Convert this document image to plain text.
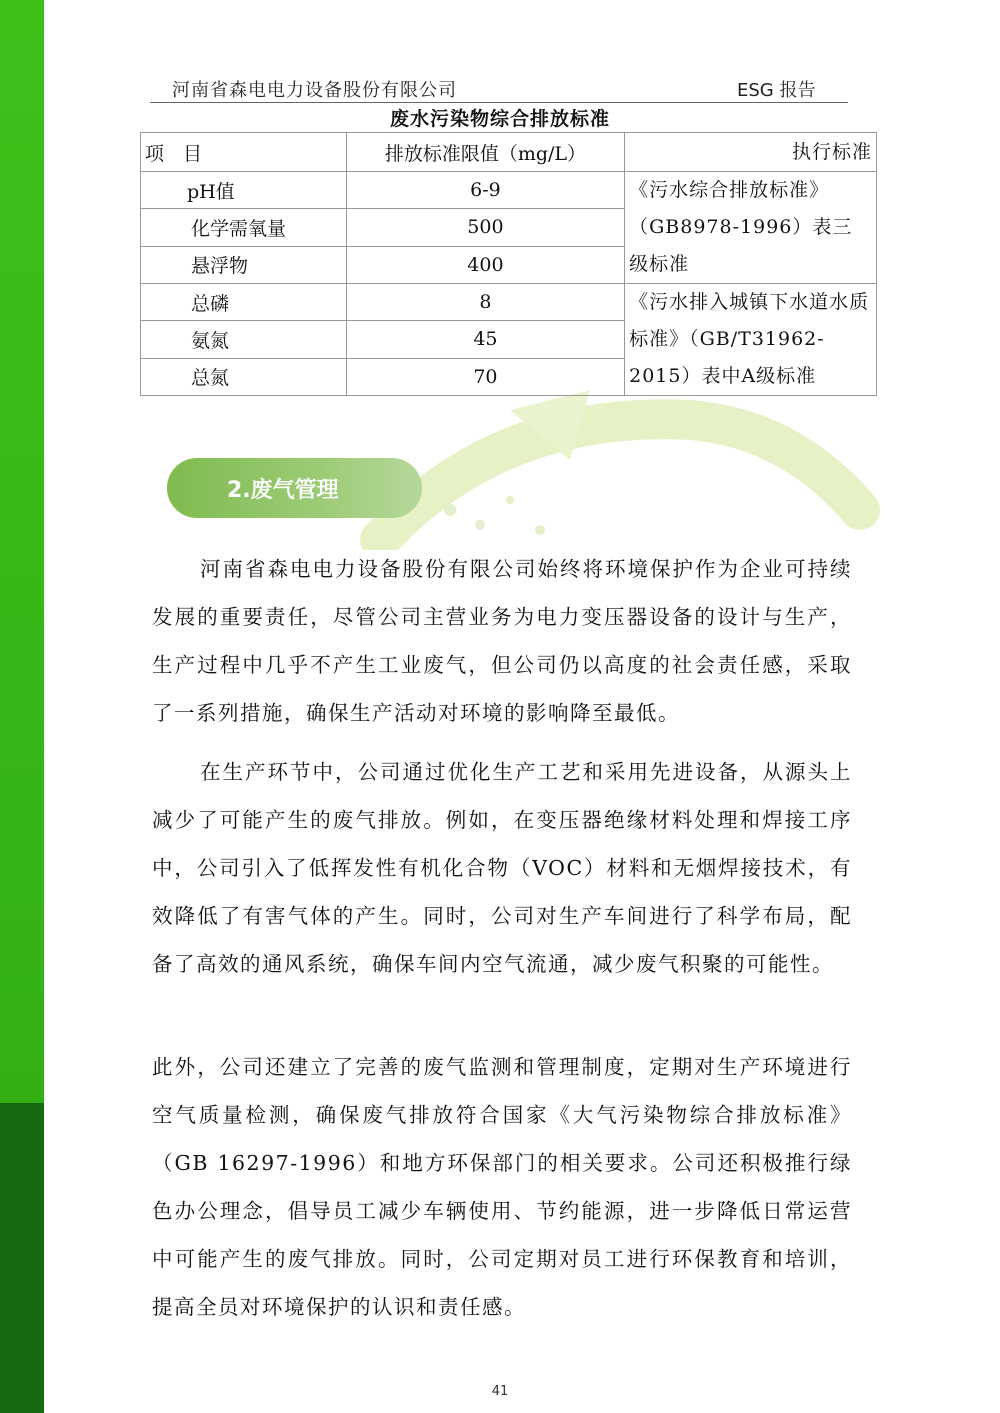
河南省森电电力设备股份有限公司	ESG 报告
废水污染物综合排放标准
项　目	排放标准限值（mg/L）	执行标准
pH值	6-9	《污水综合排放标准》（GB8978-1996）表三级标准
化学需氧量	500	
悬浮物	400	
总磷	8	《污水排入城镇下水道水质标准》（GB/T31962-2015）表中A级标准
氨氮	45	
总氮	70	
2.废气管理

河南省森电电力设备股份有限公司始终将环境保护作为企业可持续发展的重要责任，尽管公司主营业务为电力变压器设备的设计与生产，生产过程中几乎不产生工业废气，但公司仍以高度的社会责任感，采取了一系列措施，确保生产活动对环境的影响降至最低。

在生产环节中，公司通过优化生产工艺和采用先进设备，从源头上减少了可能产生的废气排放。例如，在变压器绝缘材料处理和焊接工序中，公司引入了低挥发性有机化合物（VOC）材料和无烟焊接技术，有效降低了有害气体的产生。同时，公司对生产车间进行了科学布局，配备了高效的通风系统，确保车间内空气流通，减少废气积聚的可能性。

此外，公司还建立了完善的废气监测和管理制度，定期对生产环境进行空气质量检测，确保废气排放符合国家《大气污染物综合排放标准》（GB 16297-1996）和地方环保部门的相关要求。公司还积极推行绿色办公理念，倡导员工减少车辆使用、节约能源，进一步降低日常运营中可能产生的废气排放。同时，公司定期对员工进行环保教育和培训，提高全员对环境保护的认识和责任感。

41
